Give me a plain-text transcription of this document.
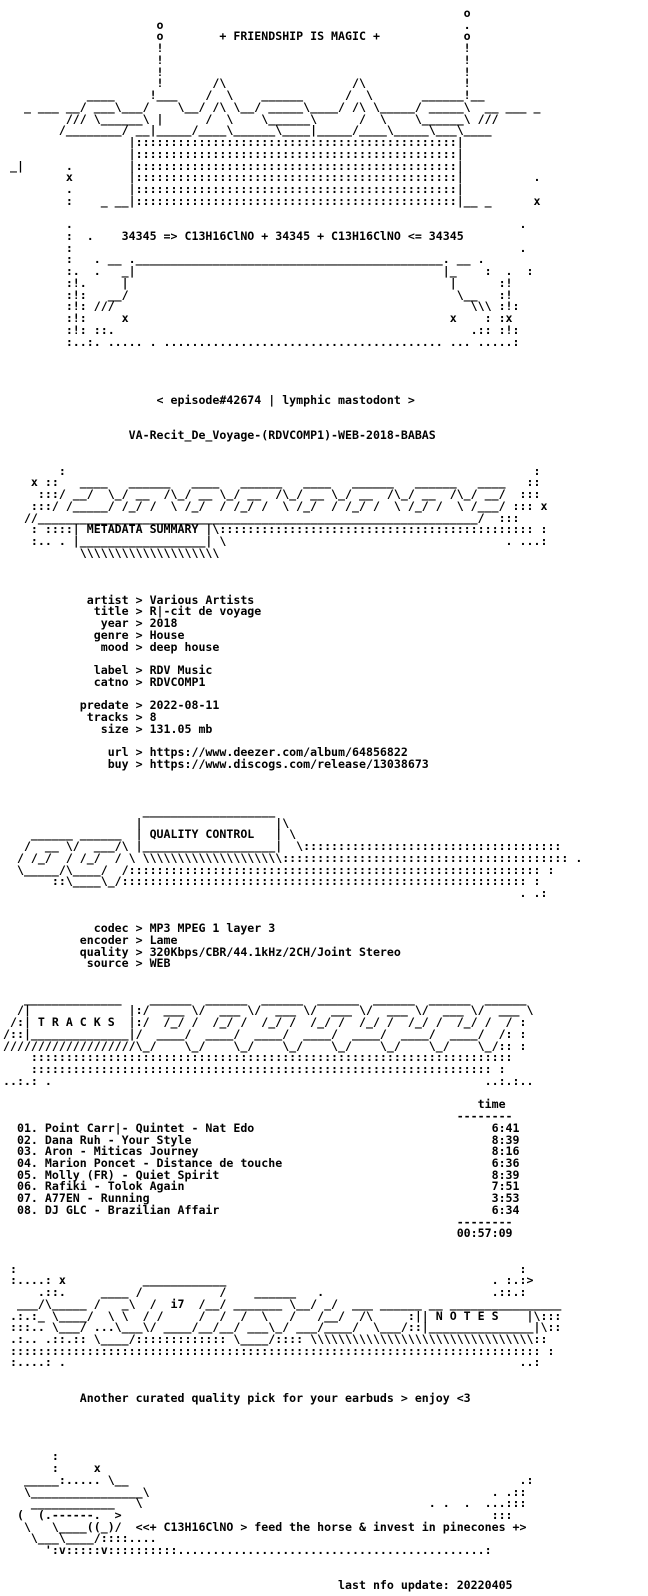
o
o                                           .
o        + FRIENDSHIP IS MAGIC +            o
!                                           !
!                                           !
!                                           !
!       /\                  /\              !
____     !___    /  \    ______      /  \       ______!__
_ ___ __/ ___\___/    \__/ /\ \__/ _____\____/ /\ \_____/ _____\  __ ___ _
/// \______\ |      /  \    \______\      /  \    \______\ ///
/________/ __|_____/____\______\____|_____/____\_____\___\____
|::::::::::::::::::::::::::::::::::::::::::::::|
|::::::::::::::::::::::::::::::::::::::::::::::|
_|      .        |::::::::::::::::::::::::::::::::::::::::::::::|
x        |::::::::::::::::::::::::::::::::::::::::::::::|          .
.        |::::::::::::::::::::::::::::::::::::::::::::::|
:    _ __|::::::::::::::::::::::::::::::::::::::::::::::|__ _      x

.                                                                .
:  .    34345 => C13H16ClNO + 34345 + C13H16ClNO <= 34345
:                                                                .
:   . __ .____________________________________________. __ .
:.  .   _|                                            |_    :  .  :
:!.     |                                              |      :!
:!:   __/                                               \__   :!
:!: ///                                                   \\\ :!:
:!:     x                                              x    : :x
:!: ::.                                                   .:: :!:
:..:. ..... . ........................................ ... .....:

< episode#42674 | lymphic mastodont >

VA-Recit_De_Voyage-(RDVCOMP1)-WEB-2018-BABAS

:                                                                   :
x ::   ____   ______   ____   ______   ____   ______   ______   ____   ::
:::/ __/  \_/ __  /\_/ __ \_/ __  /\_/ __ \_/ __  /\_/ __  /\_/ __/  :::
:::/ /_____/ /_/ /  \ /_/  / /_/ /  \ /_/  / /_/ /  \ /_/ /  \ /___/ ::: x
//_______________________________________________________________/  :::
: ::::| METADATA SUMMARY |\::::::::::::::::::::::::::::::::::::::::::::: :
:.. . |__________________| \                                        . ...:
\\\\\\\\\\\\\\\\\\\\

artist > Various Artists
title > R|-cit de voyage
year > 2018
genre > House
mood > deep house

label > RDV Music
catno > RDVCOMP1

predate > 2022-08-11
tracks > 8
size > 131.05 mb

url > https://www.deezer.com/album/64856822
buy > https://www.discogs.com/release/13038673

___________________
|                   |\
______ ______  | QUALITY CONTROL   | \
/  __ \/  ___/\ |___________________|  \:::::::::::::::::::::::::::::::::::::
/ /_/  / /_/  / \ \\\\\\\\\\\\\\\\\\\\::::::::::::::::::::::::::::::::::::::::: .
\_____/\____/  /::::::::::::::::::::::::::::::::::::::::::::::::::::::::::: :
::\____\_/:::::::::::::::::::::::::::::::::::::::::::::::::::::::::: :
. .:

codec > MP3 MPEG 1 layer 3
encoder > Lame
quality > 320Kbps/CBR/44.1kHz/2CH/Joint Stereo
source > WEB

______________    ______  ______  ______  ______  ______  ______  ______
/|              |:/  ___ \/  ___ \/  ___ \/  ___ \/  ___ \/  ___ \/  ___ \
/:| T R A C K S  |:/  /_/ /  /_/ /  /_/ /  /_/ /  /_/ /  /_/ /  /_/ /  / :
/::|______________|/  ____/  ____/  ____/  ____/  ____/  ____/  ____/  /: :
///////////////////\_/    \_/    \_/    \_/    \_/    \_/    \_/    \_/:: :
:::::::::::::::::::::::::::::::::::::::::::::::::::::::::::::::::::::
:::::::::::::::::::::::::::::::::::::::::::::::::::::::::::::::::: :
..:.: .                                                              ..:.:..

time
--------
01. Point Carr|- Quintet - Nat Edo                                  6:41
02. Dana Ruh - Your Style                                           8:39
03. Aron - Miticas Journey                                          8:16
04. Marion Poncet - Distance de touche                              6:36
05. Molly (FR) - Quiet Spirit                                       8:39
06. Rafiki - Tolok Again                                            7:51
07. A77EN - Running                                                 3:53
08. DJ GLC - Brazilian Affair                                       6:34
--------
00:57:09

:                                                                        :
:....: x           ____________                                      . :.:>
.::.     ____ /           /    ______   .                        .::.:
___/\_____ /   _\  /  i7  /__/ _______ \__/ _/  ___ ______ __ ________________
.:.:_ \____/  \ \  / /     /  /  /  \   /   /__/  /\     :|| N O T E S    |\:::
:::.. \___/ ...\___\/ ____/__/__/ ___\_/ ___/____/  \___/::|_______________|\::
.:.. .::.:: \____/::::::::::::: \____/:::: \\\\\\\\\\\\\\\\\\\\\\\\\\\\\\\\::
:::::::::::::::::::::::::::::::::::::::::::::::::::::::::::::::::::::::::::: :
:....: .                                                                 ..:

Another curated quality pick for your earbuds > enjoy <3

:
:     x
_____:..... \__                                                        .:
\________________\                                                 . .::
____________   \                                         . .  .  ...:::
(  (.------.  >                                                     :::
\   \____((_)/  <<+ C13H16ClNO > feed the horse & invest in pinecones +>
\___\____/::::....
':v:::::v::::::::::............................................:

last nfo update: 20220405
